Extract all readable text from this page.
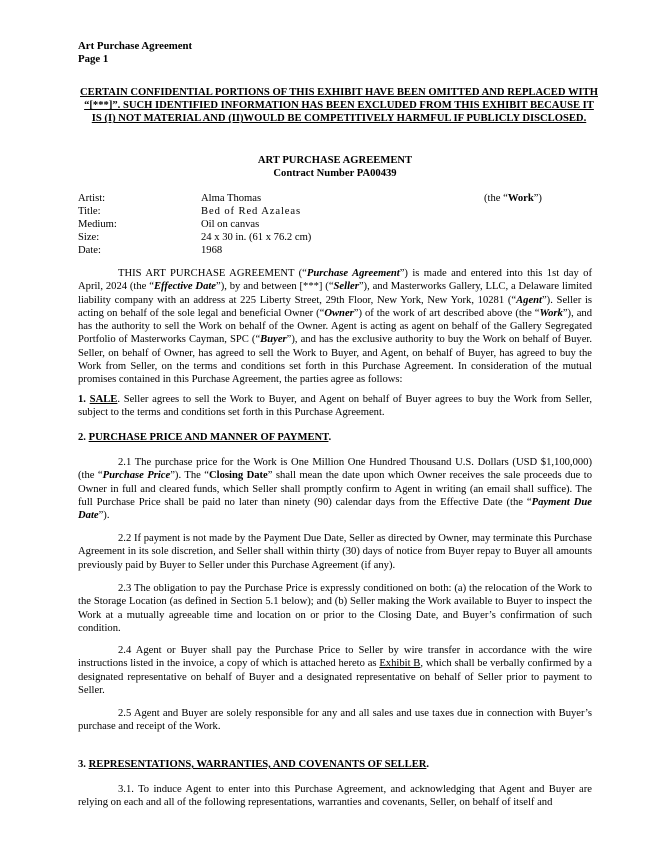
Art Purchase Agreement
Page 1
CERTAIN CONFIDENTIAL PORTIONS OF THIS EXHIBIT HAVE BEEN OMITTED AND REPLACED WITH “[***]”. SUCH IDENTIFIED INFORMATION HAS BEEN EXCLUDED FROM THIS EXHIBIT BECAUSE IT IS (I) NOT MATERIAL AND (II)WOULD BE COMPETITIVELY HARMFUL IF PUBLICLY DISCLOSED.
ART PURCHASE AGREEMENT
Contract Number PA00439
Artist:	Alma Thomas	(the “Work”)
Title:	Bed of Red Azaleas
Medium:	Oil on canvas
Size:	24 x 30 in. (61 x 76.2 cm)
Date:	1968
THIS ART PURCHASE AGREEMENT (“Purchase Agreement”) is made and entered into this 1st day of April, 2024 (the “Effective Date”), by and between [***] (“Seller”), and Masterworks Gallery, LLC, a Delaware limited liability company with an address at 225 Liberty Street, 29th Floor, New York, New York, 10281 (“Agent”). Seller is acting on behalf of the sole legal and beneficial Owner (“Owner”) of the work of art described above (the “Work”), and has the authority to sell the Work on behalf of the Owner. Agent is acting as agent on behalf of the Gallery Segregated Portfolio of Masterworks Cayman, SPC (“Buyer”), and has the exclusive authority to buy the Work on behalf of Buyer. Seller, on behalf of Owner, has agreed to sell the Work to Buyer, and Agent, on behalf of Buyer, has agreed to buy the Work from Seller, on the terms and conditions set forth in this Purchase Agreement. In consideration of the mutual promises contained in this Purchase Agreement, the parties agree as follows:
1. SALE. Seller agrees to sell the Work to Buyer, and Agent on behalf of Buyer agrees to buy the Work from Seller, subject to the terms and conditions set forth in this Purchase Agreement.
2. PURCHASE PRICE AND MANNER OF PAYMENT.
2.1 The purchase price for the Work is One Million One Hundred Thousand U.S. Dollars (USD $1,100,000) (the “Purchase Price”). The “Closing Date” shall mean the date upon which Owner receives the sale proceeds due to Owner in full and cleared funds, which Seller shall promptly confirm to Agent in writing (an email shall suffice). The full Purchase Price shall be paid no later than ninety (90) calendar days from the Effective Date (the “Payment Due Date”).
2.2 If payment is not made by the Payment Due Date, Seller as directed by Owner, may terminate this Purchase Agreement in its sole discretion, and Seller shall within thirty (30) days of notice from Buyer repay to Buyer all amounts previously paid by Buyer to Seller under this Purchase Agreement (if any).
2.3 The obligation to pay the Purchase Price is expressly conditioned on both: (a) the relocation of the Work to the Storage Location (as defined in Section 5.1 below); and (b) Seller making the Work available to Buyer to inspect the Work at a mutually agreeable time and location on or prior to the Closing Date, and Buyer’s confirmation of such condition.
2.4 Agent or Buyer shall pay the Purchase Price to Seller by wire transfer in accordance with the wire instructions listed in the invoice, a copy of which is attached hereto as Exhibit B, which shall be verbally confirmed by a designated representative on behalf of Buyer and a designated representative on behalf of Seller prior to payment to Seller.
2.5 Agent and Buyer are solely responsible for any and all sales and use taxes due in connection with Buyer’s purchase and receipt of the Work.
3. REPRESENTATIONS, WARRANTIES, AND COVENANTS OF SELLER.
3.1. To induce Agent to enter into this Purchase Agreement, and acknowledging that Agent and Buyer are relying on each and all of the following representations, warranties and covenants, Seller, on behalf of itself and
